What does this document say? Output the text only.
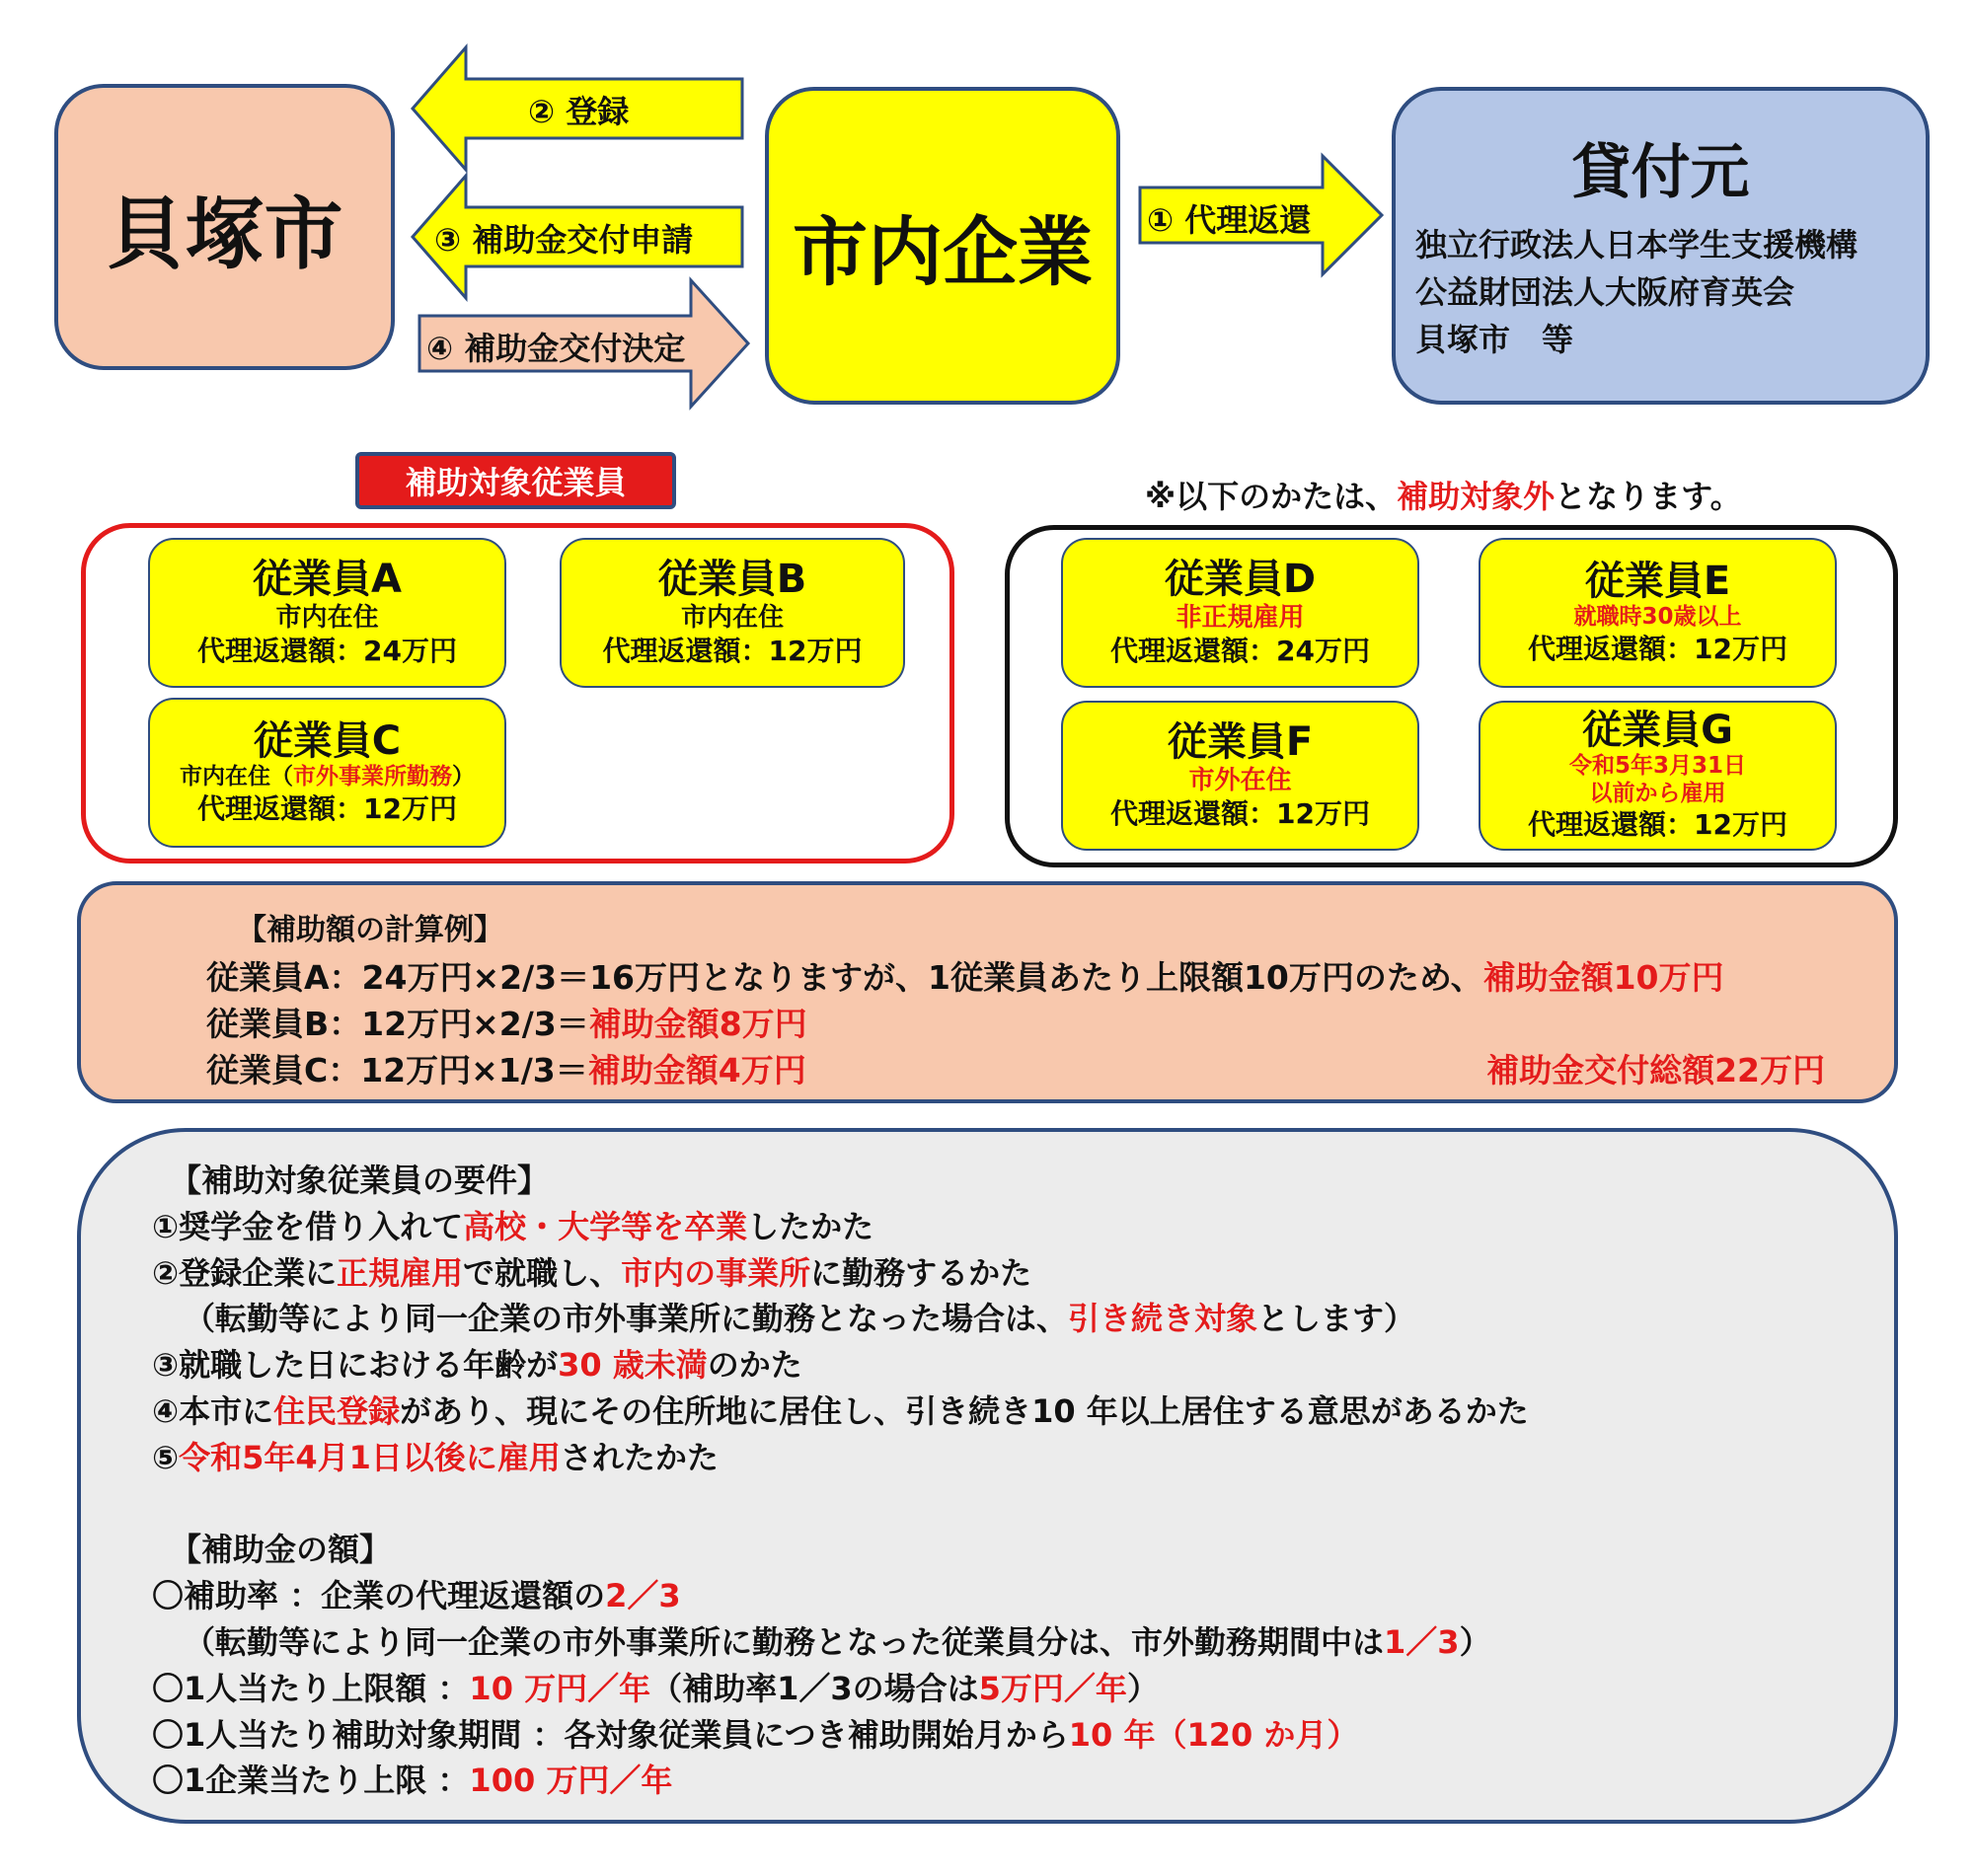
貝塚市	市内企業
貸付元
独立行政法人日本学生支援機構
公益財団法人大阪府育英会
貝塚市　等
② 登録
③ 補助金交付申請
④ 補助金交付決定
① 代理返還
補助対象従業員
従業員A
市内在住
代理返還額：24万円
従業員B
市内在住
代理返還額：12万円
従業員C
市内在住（市外事業所勤務）
代理返還額：12万円
※以下のかたは、補助対象外となります。
従業員D
非正規雇用
代理返還額：24万円
従業員E
就職時30歳以上
代理返還額：12万円
従業員F
市外在住
代理返還額：12万円
従業員G
令和5年3月31日
以前から雇用
代理返還額：12万円
【補助額の計算例】
従業員A：24万円×2/3＝16万円となりますが、1従業員あたり上限額10万円のため、補助金額10万円
従業員B：12万円×2/3＝補助金額8万円
従業員C：12万円×1/3＝補助金額4万円	補助金交付総額22万円
【補助対象従業員の要件】
①奨学金を借り入れて高校・大学等を卒業したかた
②登録企業に正規雇用で就職し、市内の事業所に勤務するかた
（転勤等により同一企業の市外事業所に勤務となった場合は、引き続き対象とします）
③就職した日における年齢が30 歳未満のかた
④本市に住民登録があり、現にその住所地に居住し、引き続き10 年以上居住する意思があるかた
⑤令和5年4月1日以後に雇用されたかた
【補助金の額】
〇補助率 ：企業の代理返還額の2／3
（転勤等により同一企業の市外事業所に勤務となった従業員分は、市外勤務期間中は1／3）
〇1人当たり上限額 ：10 万円／年（補助率1／3の場合は5万円／年）
〇1人当たり補助対象期間 ：各対象従業員につき補助開始月から10 年（120 か月）
〇1企業当たり上限 ：100 万円／年
